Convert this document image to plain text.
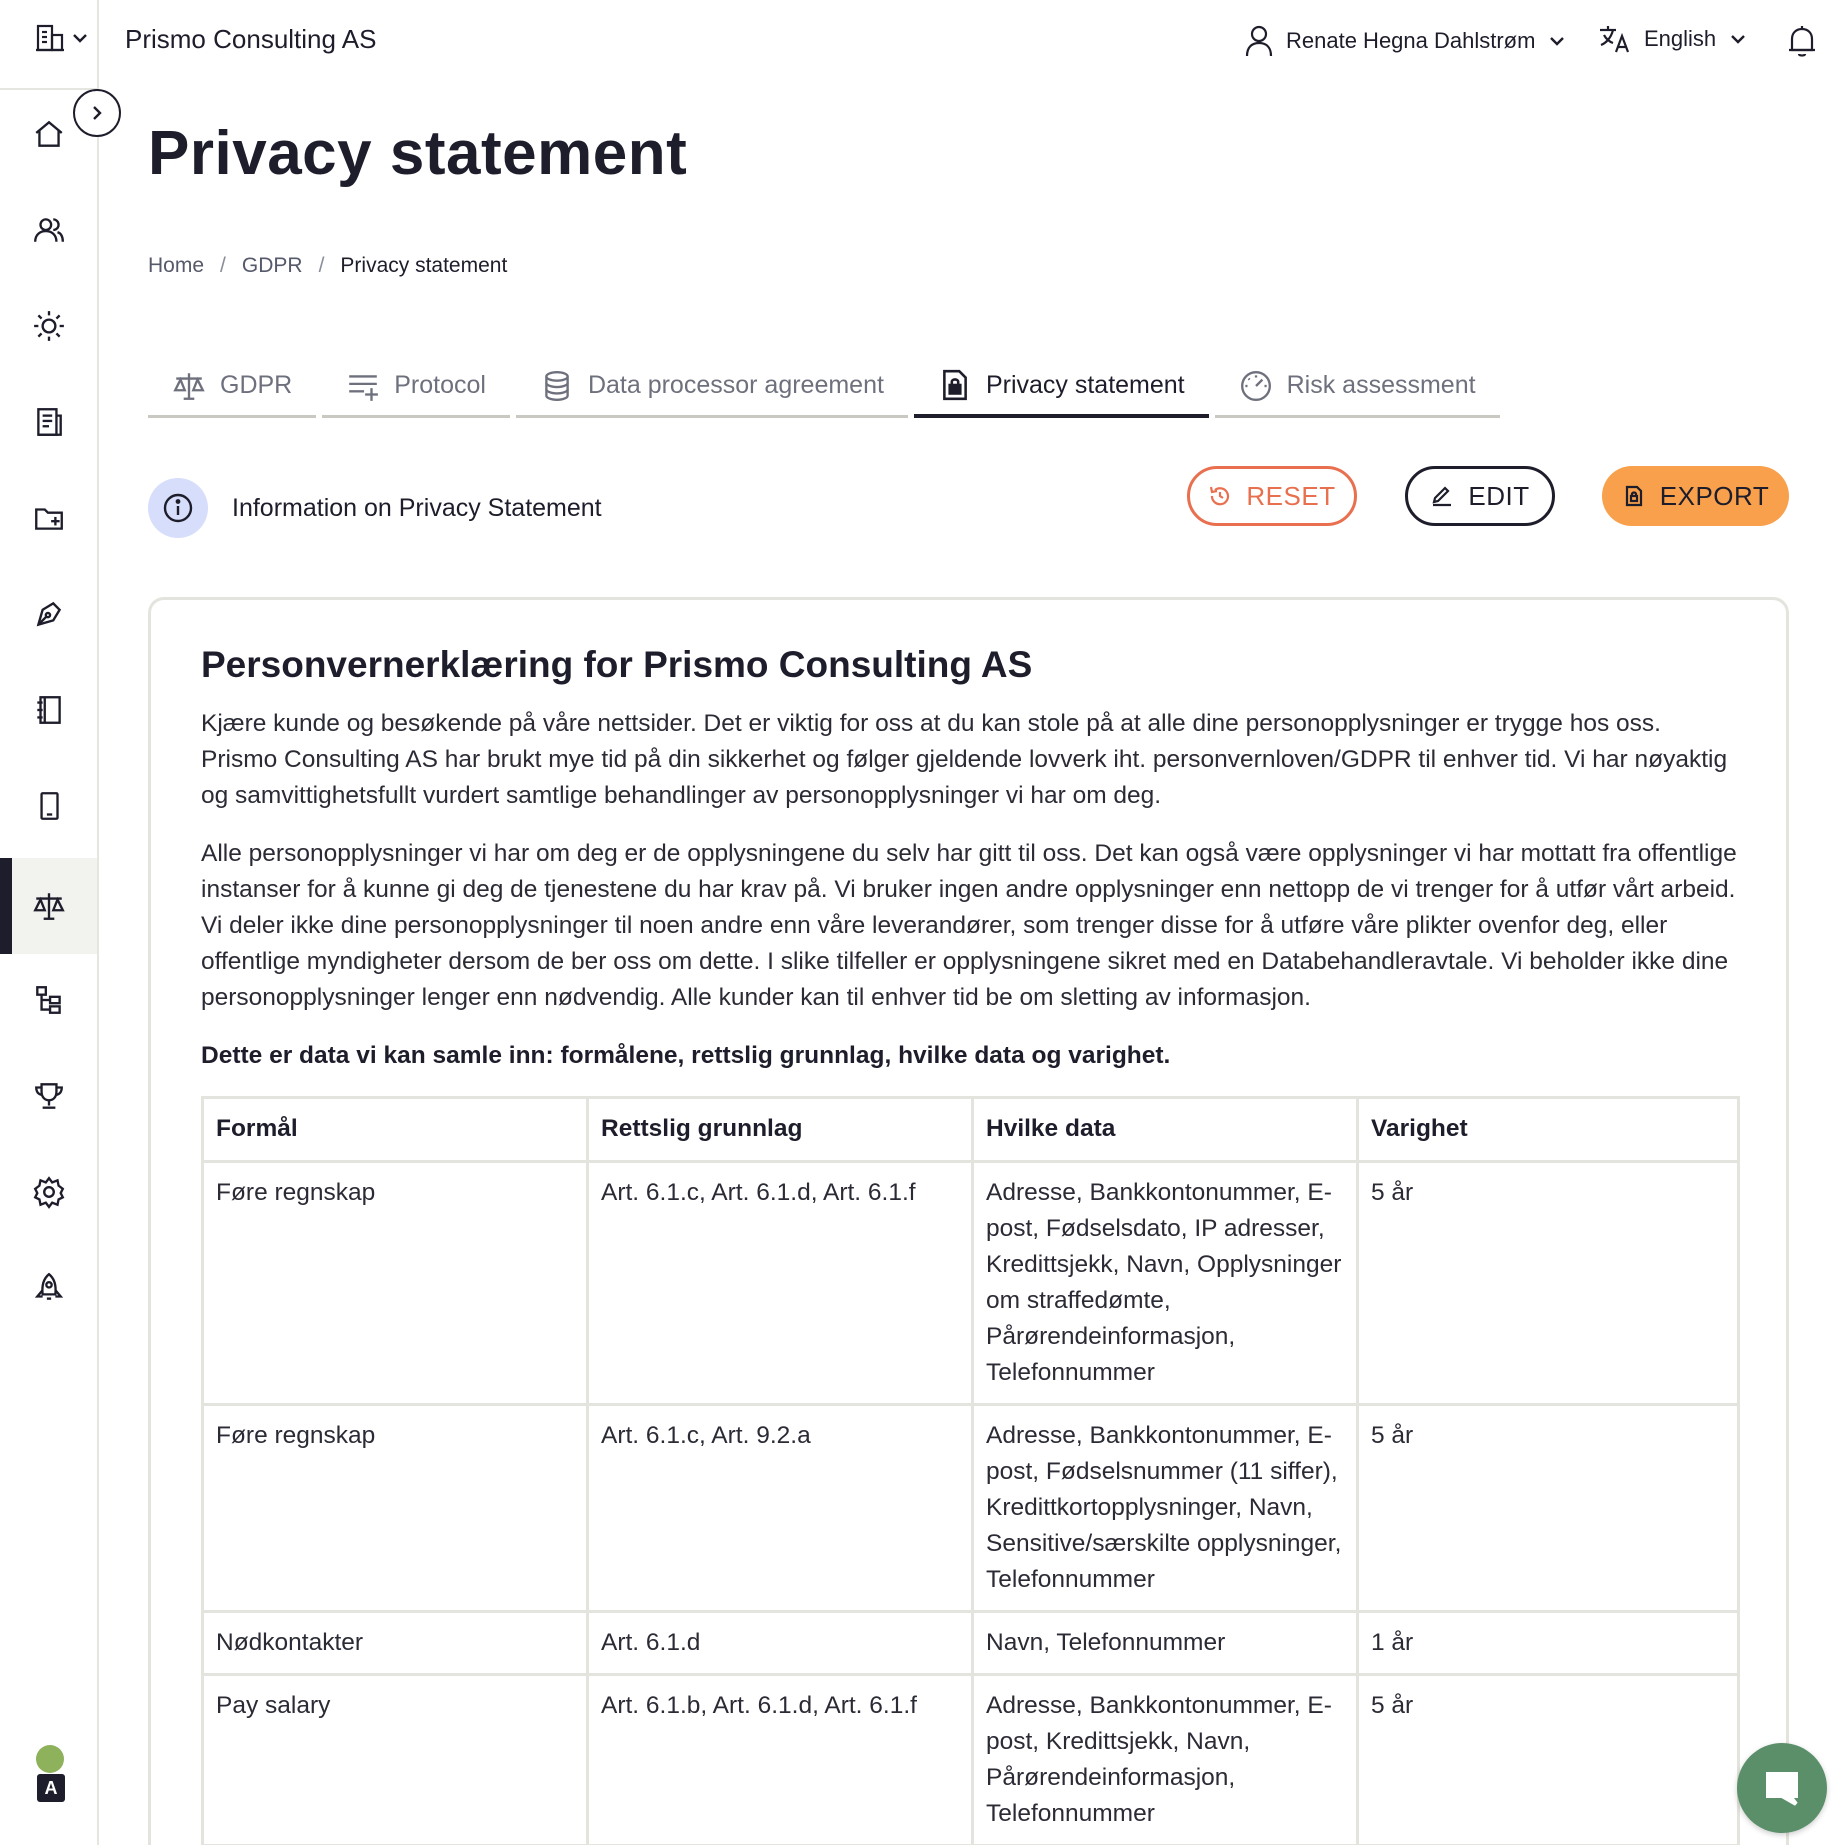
A
Prismo Consulting AS	Renate Hegna Dahlstrøm	English
Privacy statement
Home / GDPR / Privacy statement
GDPR	Protocol	Data processor agreement	Privacy statement	Risk assessment
Information on Privacy Statement	RESET	EDIT	EXPORT
Personvernerklæring for Prismo Consulting AS

Kjære kunde og besøkende på våre nettsider. Det er viktig for oss at du kan stole på at alle dine personopplysninger er trygge hos oss. Prismo Consulting AS har brukt mye tid på din sikkerhet og følger gjeldende lovverk iht. personvernloven/GDPR til enhver tid. Vi har nøyaktig og samvittighetsfullt vurdert samtlige behandlinger av personopplysninger vi har om deg.

Alle personopplysninger vi har om deg er de opplysningene du selv har gitt til oss. Det kan også være opplysninger vi har mottatt fra offentlige instanser for å kunne gi deg de tjenestene du har krav på. Vi bruker ingen andre opplysninger enn nettopp de vi trenger for å utfør vårt arbeid. Vi deler ikke dine personopplysninger til noen andre enn våre leverandører, som trenger disse for å utføre våre plikter ovenfor deg, eller offentlige myndigheter dersom de ber oss om dette. I slike tilfeller er opplysningene sikret med en Databehandleravtale. Vi beholder ikke dine personopplysninger lenger enn nødvendig. Alle kunder kan til enhver tid be om sletting av informasjon.

Dette er data vi kan samle inn: formålene, rettslig grunnlag, hvilke data og varighet.

Formål	Rettslig grunnlag	Hvilke data	Varighet
Føre regnskap	Art. 6.1.c, Art. 6.1.d, Art. 6.1.f	Adresse, Bankkontonummer, E-post, Fødselsdato, IP adresser, Kredittsjekk, Navn, Opplysninger om straffedømte, Pårørendeinformasjon, Telefonnummer	5 år
Føre regnskap	Art. 6.1.c, Art. 9.2.a	Adresse, Bankkontonummer, E-post, Fødselsnummer (11 siffer), Kredittkortopplysninger, Navn, Sensitive/særskilte opplysninger, Telefonnummer	5 år
Nødkontakter	Art. 6.1.d	Navn, Telefonnummer	1 år
Pay salary	Art. 6.1.b, Art. 6.1.d, Art. 6.1.f	Adresse, Bankkontonummer, E-post, Kredittsjekk, Navn, Pårørendeinformasjon, Telefonnummer	5 år
